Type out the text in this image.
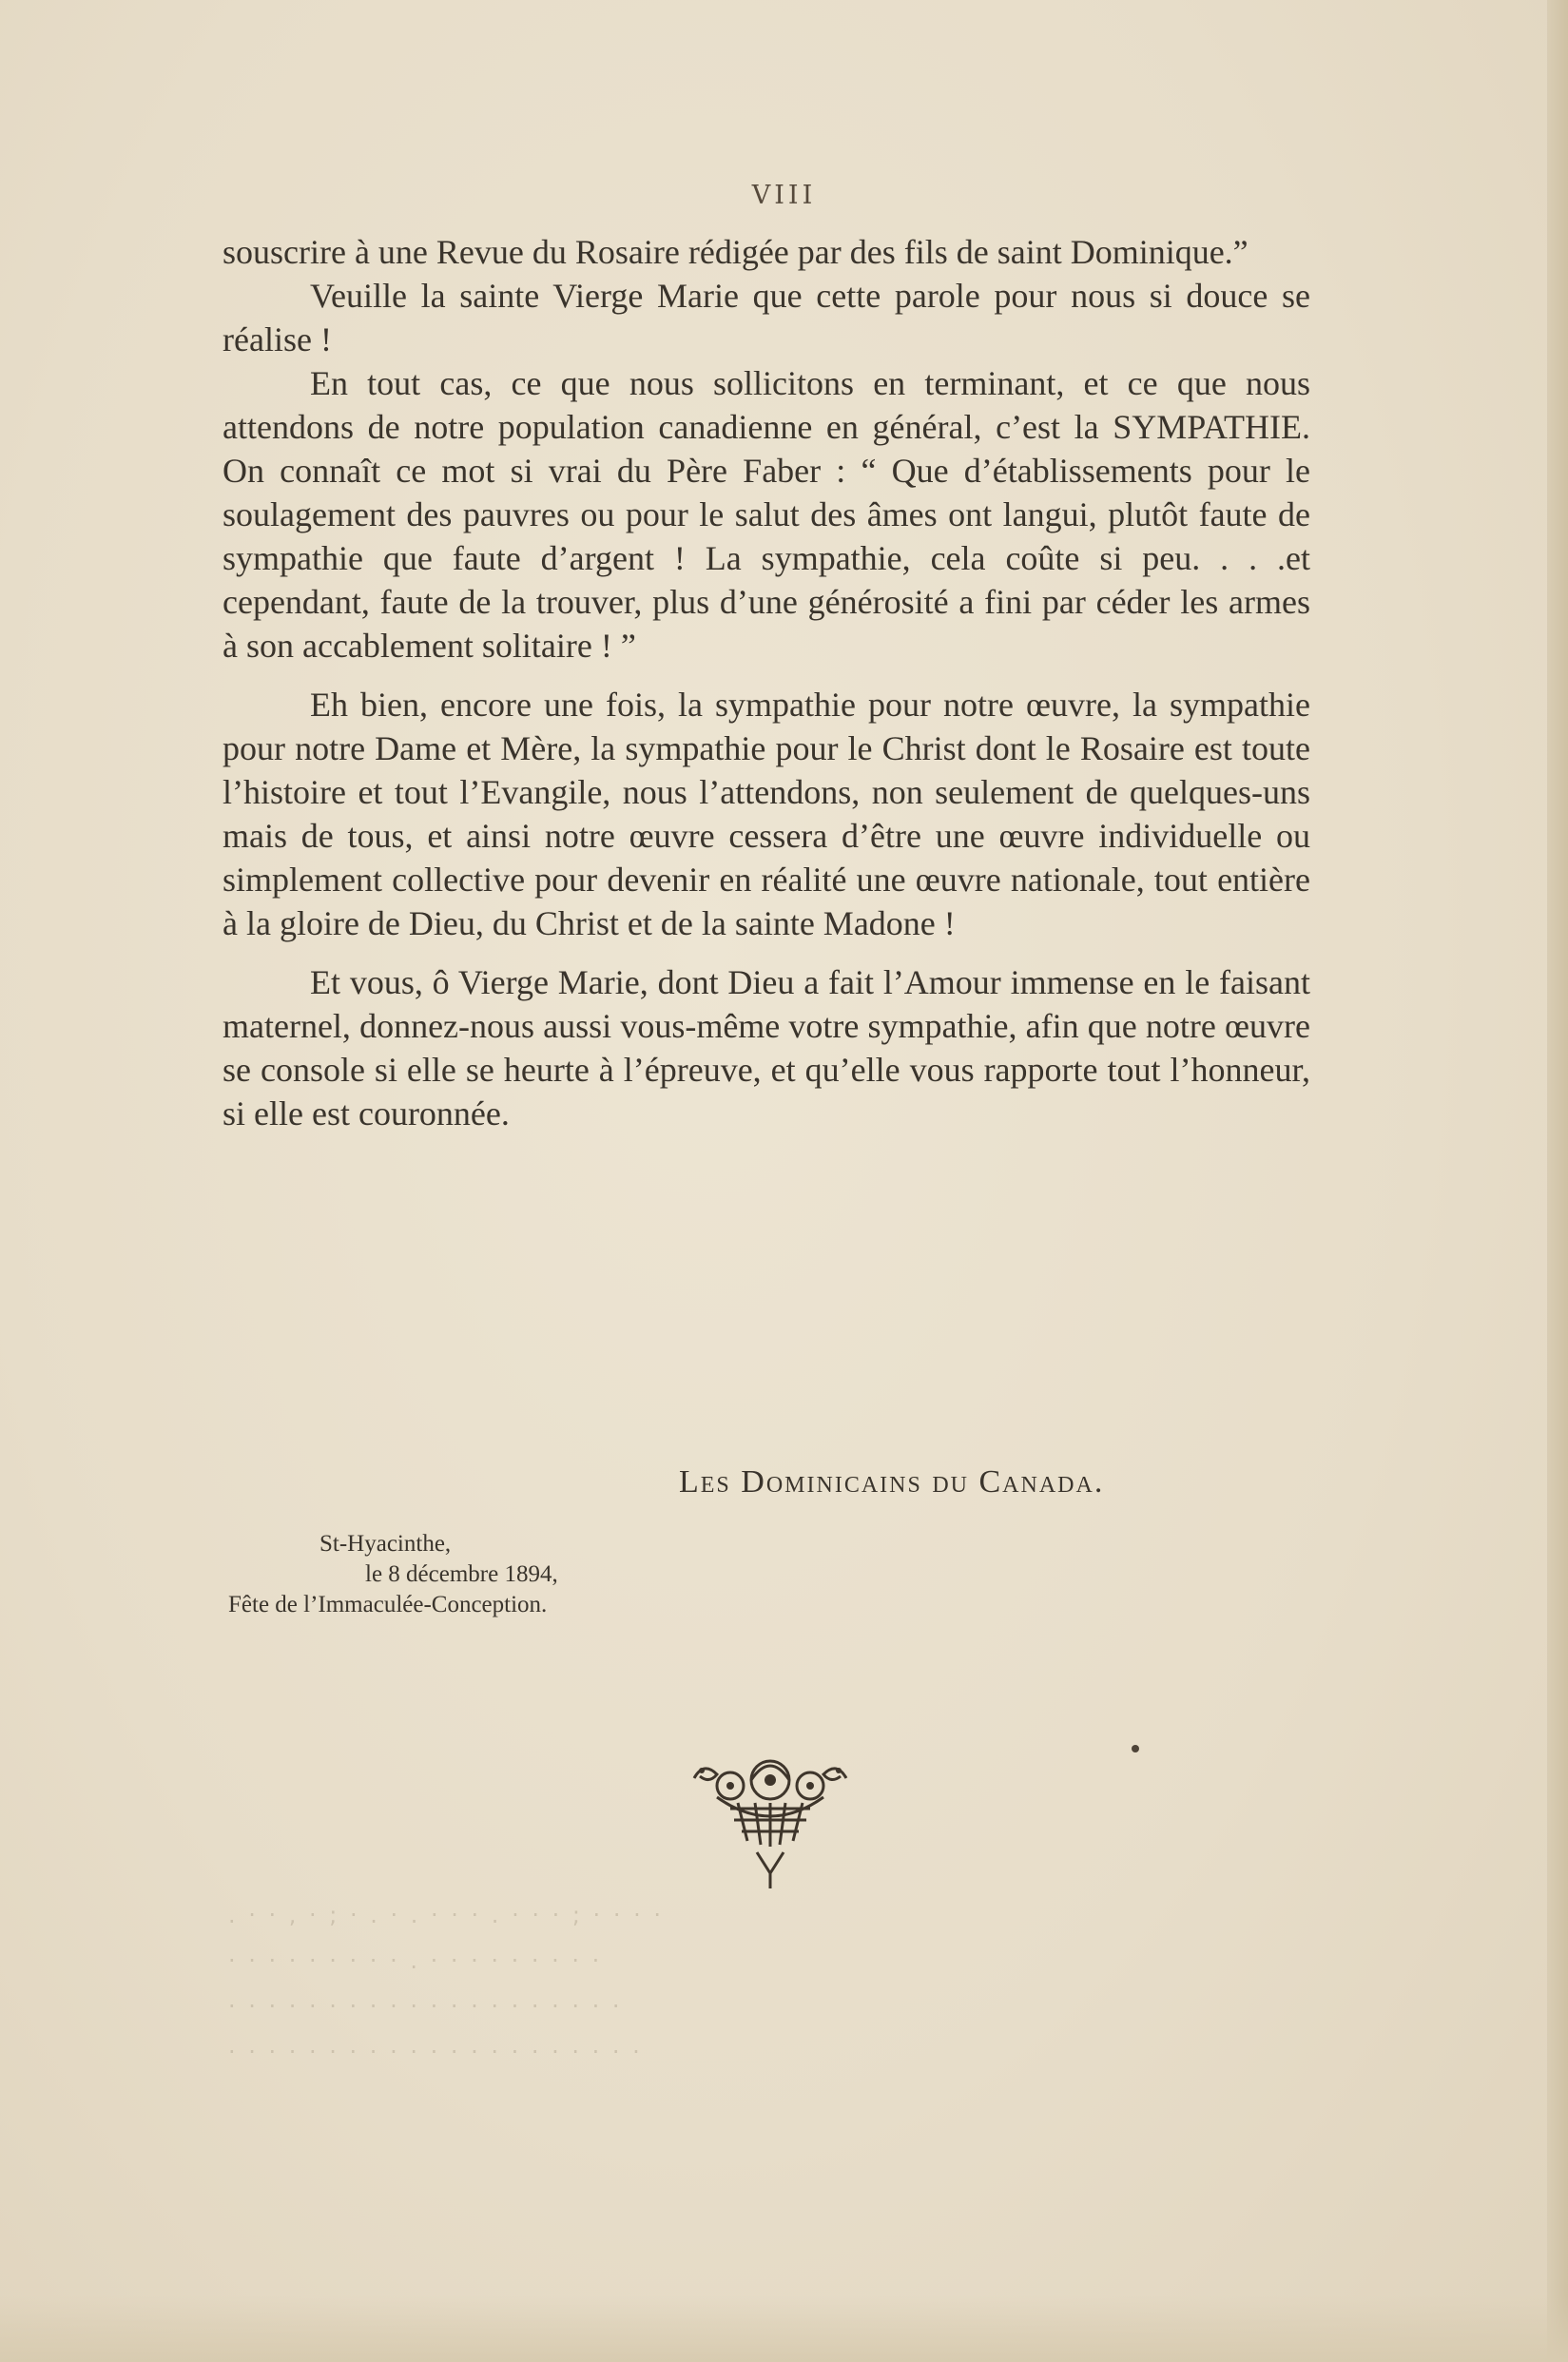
VIII

souscrire à une Revue du Rosaire rédigée par des fils de saint Dominique.”

Veuille la sainte Vierge Marie que cette parole pour nous si douce se réalise !

En tout cas, ce que nous sollicitons en terminant, et ce que nous attendons de notre population canadienne en général, c’est la SYMPATHIE. On connaît ce mot si vrai du Père Faber : “ Que d’établissements pour le soulagement des pauvres ou pour le salut des âmes ont langui, plutôt faute de sympathie que faute d’argent ! La sympathie, cela coûte si peu. . . .et cependant, faute de la trouver, plus d’une générosité a fini par céder les armes à son accablement solitaire ! ”

Eh bien, encore une fois, la sympathie pour notre œuvre, la sympathie pour notre Dame et Mère, la sympathie pour le Christ dont le Rosaire est toute l’histoire et tout l’Evangile, nous l’attendons, non seulement de quelques-uns mais de tous, et ainsi notre œuvre cessera d’être une œuvre individuelle ou simplement collective pour devenir en réalité une œuvre nationale, tout entière à la gloire de Dieu, du Christ et de la sainte Madone !

Et vous, ô Vierge Marie, dont Dieu a fait l’Amour immense en le faisant maternel, donnez-nous aussi vous-même votre sympathie, afin que notre œuvre se console si elle se heurte à l’épreuve, et qu’elle vous rapporte tout l’honneur, si elle est couronnée.

Les Dominicains du Canada.
St-Hyacinthe,
le 8 décembre 1894,
Fête de l’Immaculée-Conception.
. · · , · ; · . · . · · · . · · · ; · · · ·
· · · · · · · · · . · · · · · · · · ·
· · · · · · · · · · · · · · · · · · · ·
· · · · · · · · · · · · · · · · · · · · ·
